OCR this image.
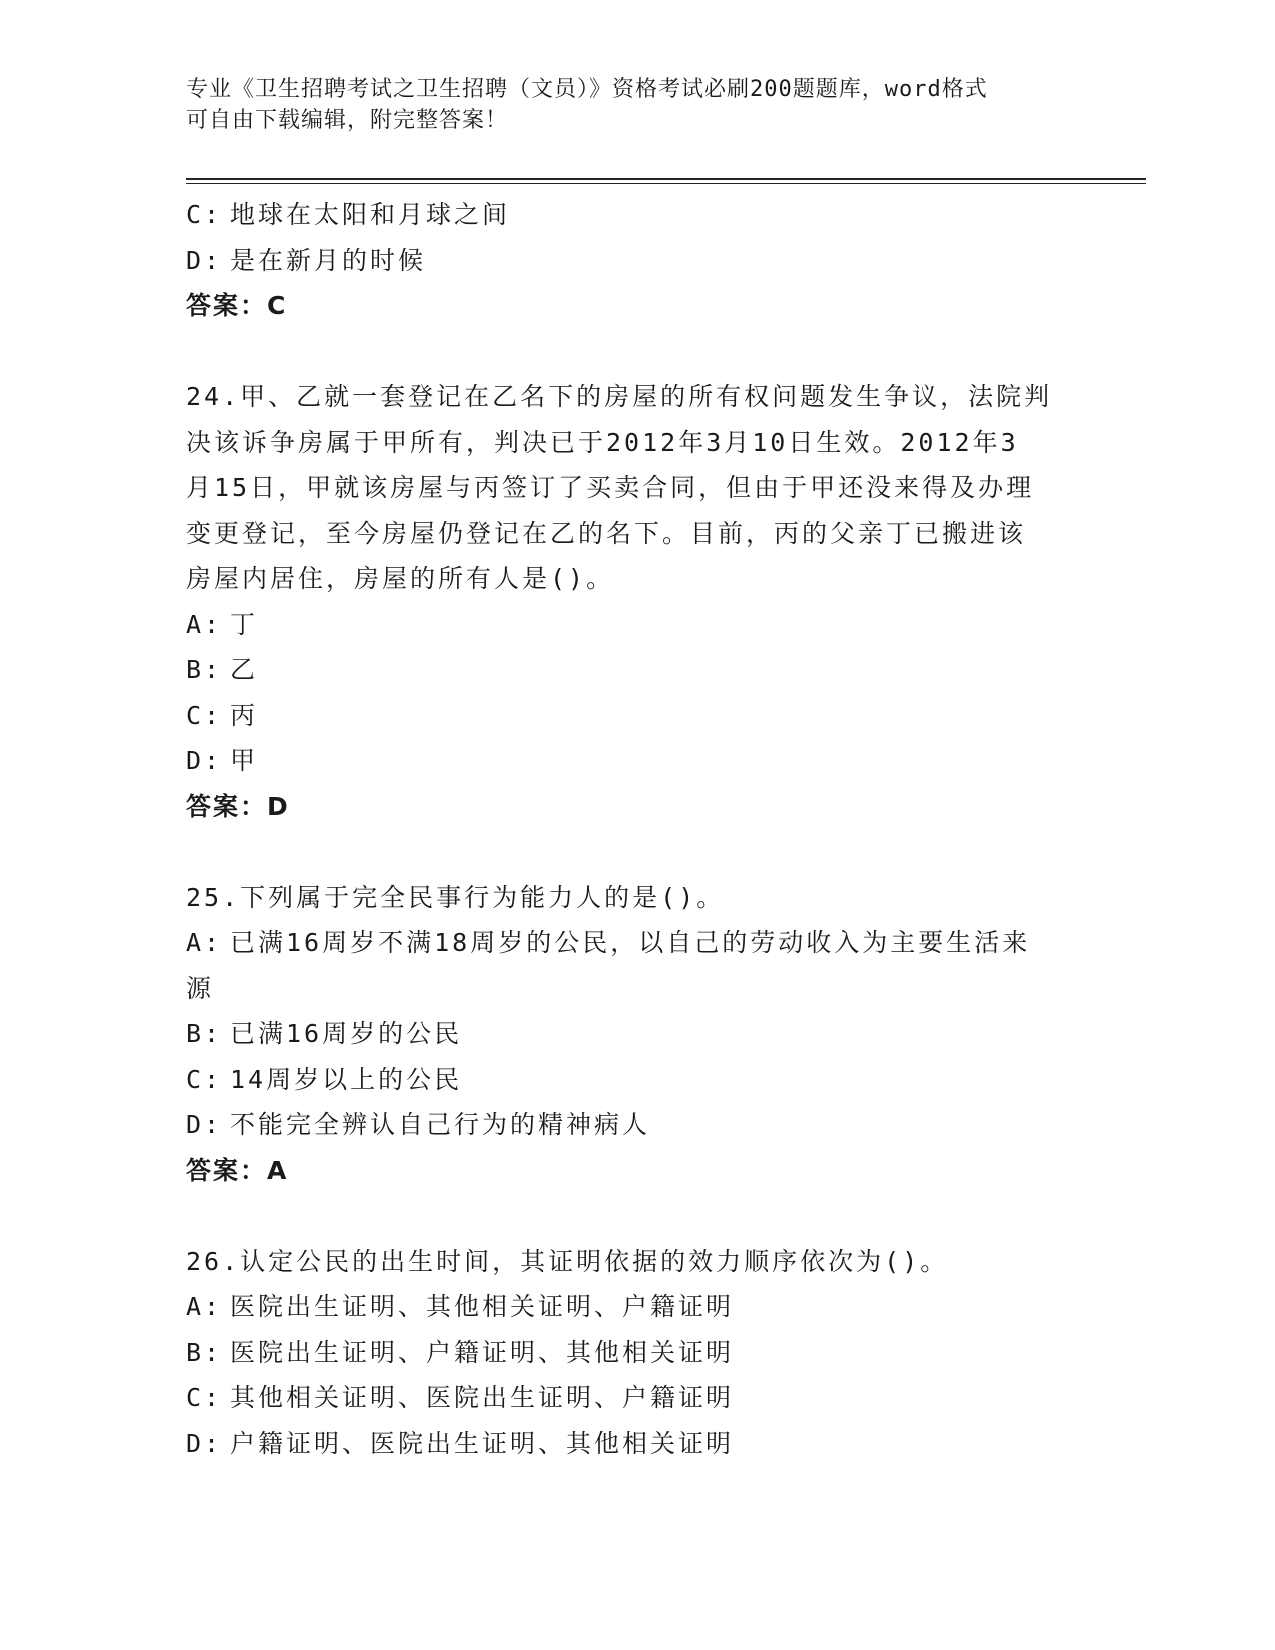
专业《卫生招聘考试之卫生招聘（文员）》资格考试必刷200题题库，word格式
可自由下载编辑，附完整答案！
C: 地球在太阳和月球之间
D: 是在新月的时候
答案：C
24.甲、乙就一套登记在乙名下的房屋的所有权问题发生争议，法院判
决该诉争房属于甲所有，判决已于2012年3月10日生效。2012年3
月15日，甲就该房屋与丙签订了买卖合同，但由于甲还没来得及办理
变更登记，至今房屋仍登记在乙的名下。目前，丙的父亲丁已搬进该
房屋内居住，房屋的所有人是()。
A: 丁
B: 乙
C: 丙
D: 甲
答案：D
25.下列属于完全民事行为能力人的是()。
A: 已满16周岁不满18周岁的公民，以自己的劳动收入为主要生活来
源
B: 已满16周岁的公民
C: 14周岁以上的公民
D: 不能完全辨认自己行为的精神病人
答案：A
26.认定公民的出生时间，其证明依据的效力顺序依次为()。
A: 医院出生证明、其他相关证明、户籍证明
B: 医院出生证明、户籍证明、其他相关证明
C: 其他相关证明、医院出生证明、户籍证明
D: 户籍证明、医院出生证明、其他相关证明
